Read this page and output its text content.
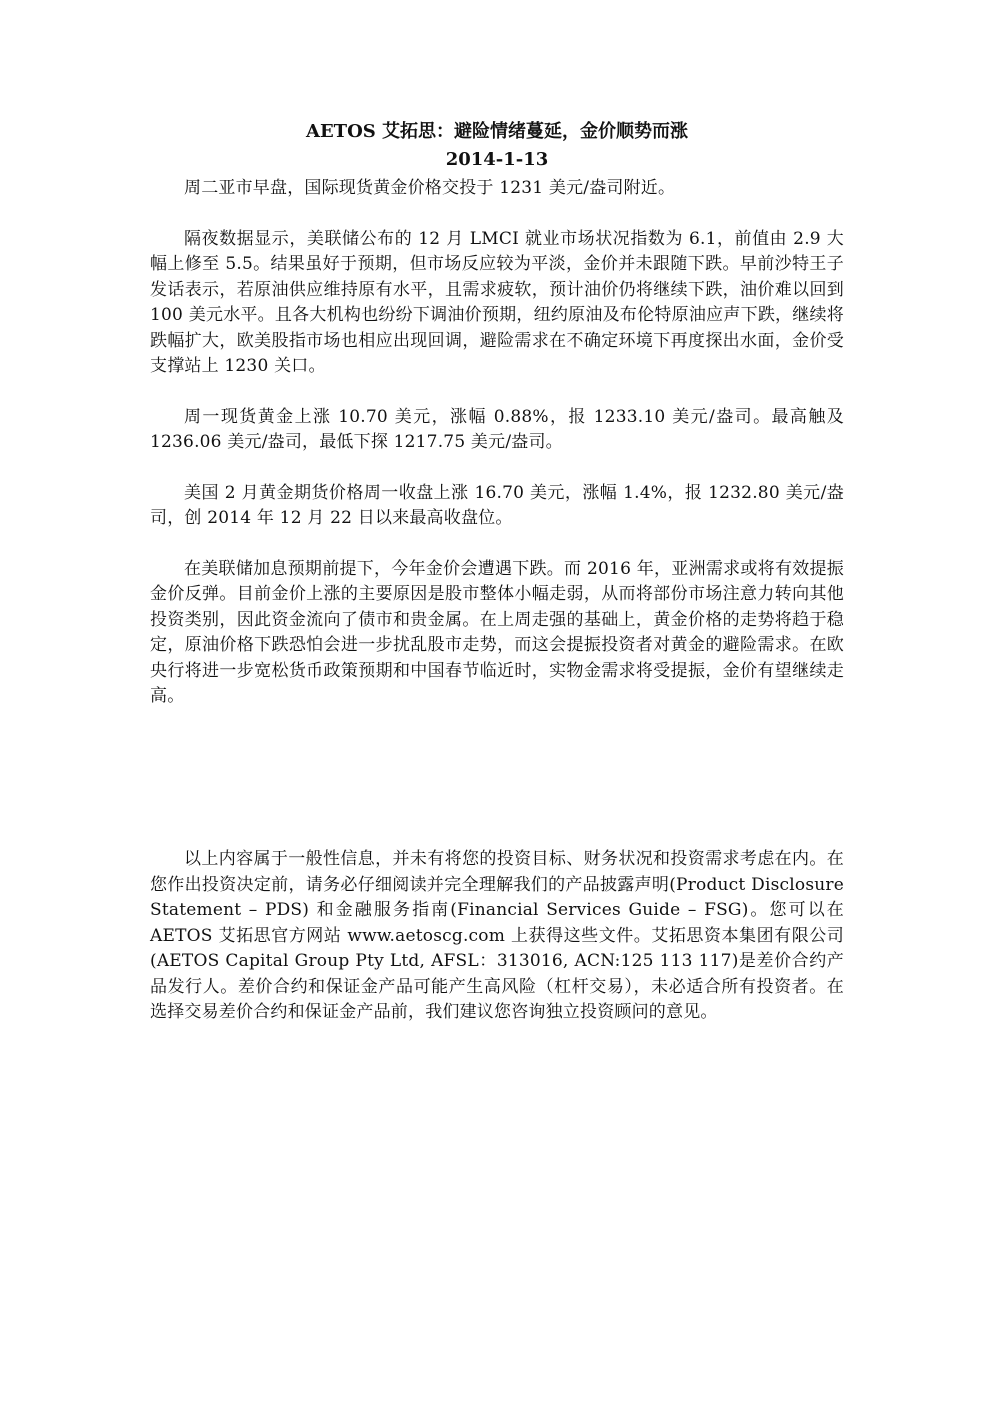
AETOS 艾拓思：避险情绪蔓延，金价顺势而涨
2014-1-13

周二亚市早盘，国际现货黄金价格交投于 1231 美元/盎司附近。

隔夜数据显示，美联储公布的 12 月 LMCI 就业市场状况指数为 6.1，前值由 2.9 大幅上修至 5.5。结果虽好于预期，但市场反应较为平淡，金价并未跟随下跌。早前沙特王子发话表示，若原油供应维持原有水平，且需求疲软，预计油价仍将继续下跌，油价难以回到 100 美元水平。且各大机构也纷纷下调油价预期，纽约原油及布伦特原油应声下跌，继续将跌幅扩大，欧美股指市场也相应出现回调，避险需求在不确定环境下再度探出水面，金价受支撑站上 1230 关口。

周一现货黄金上涨 10.70 美元，涨幅 0.88%，报 1233.10 美元/盎司。最高触及 1236.06 美元/盎司，最低下探 1217.75 美元/盎司。

美国 2 月黄金期货价格周一收盘上涨 16.70 美元，涨幅 1.4%，报 1232.80 美元/盎司，创 2014 年 12 月 22 日以来最高收盘位。

在美联储加息预期前提下，今年金价会遭遇下跌。而 2016 年，亚洲需求或将有效提振金价反弹。目前金价上涨的主要原因是股市整体小幅走弱，从而将部份市场注意力转向其他投资类别，因此资金流向了债市和贵金属。在上周走强的基础上，黄金价格的走势将趋于稳定，原油价格下跌恐怕会进一步扰乱股市走势，而这会提振投资者对黄金的避险需求。在欧央行将进一步宽松货币政策预期和中国春节临近时，实物金需求将受提振，金价有望继续走高。

以上内容属于一般性信息，并未有将您的投资目标、财务状况和投资需求考虑在内。在您作出投资决定前，请务必仔细阅读并完全理解我们的产品披露声明(Product Disclosure Statement – PDS) 和金融服务指南(Financial Services Guide – FSG)。您可以在 AETOS 艾拓思官方网站 www.aetoscg.com 上获得这些文件。艾拓思资本集团有限公司(AETOS Capital Group Pty Ltd, AFSL：313016, ACN:125 113 117)是差价合约产品发行人。差价合约和保证金产品可能产生高风险（杠杆交易），未必适合所有投资者。在选择交易差价合约和保证金产品前，我们建议您咨询独立投资顾问的意见。
